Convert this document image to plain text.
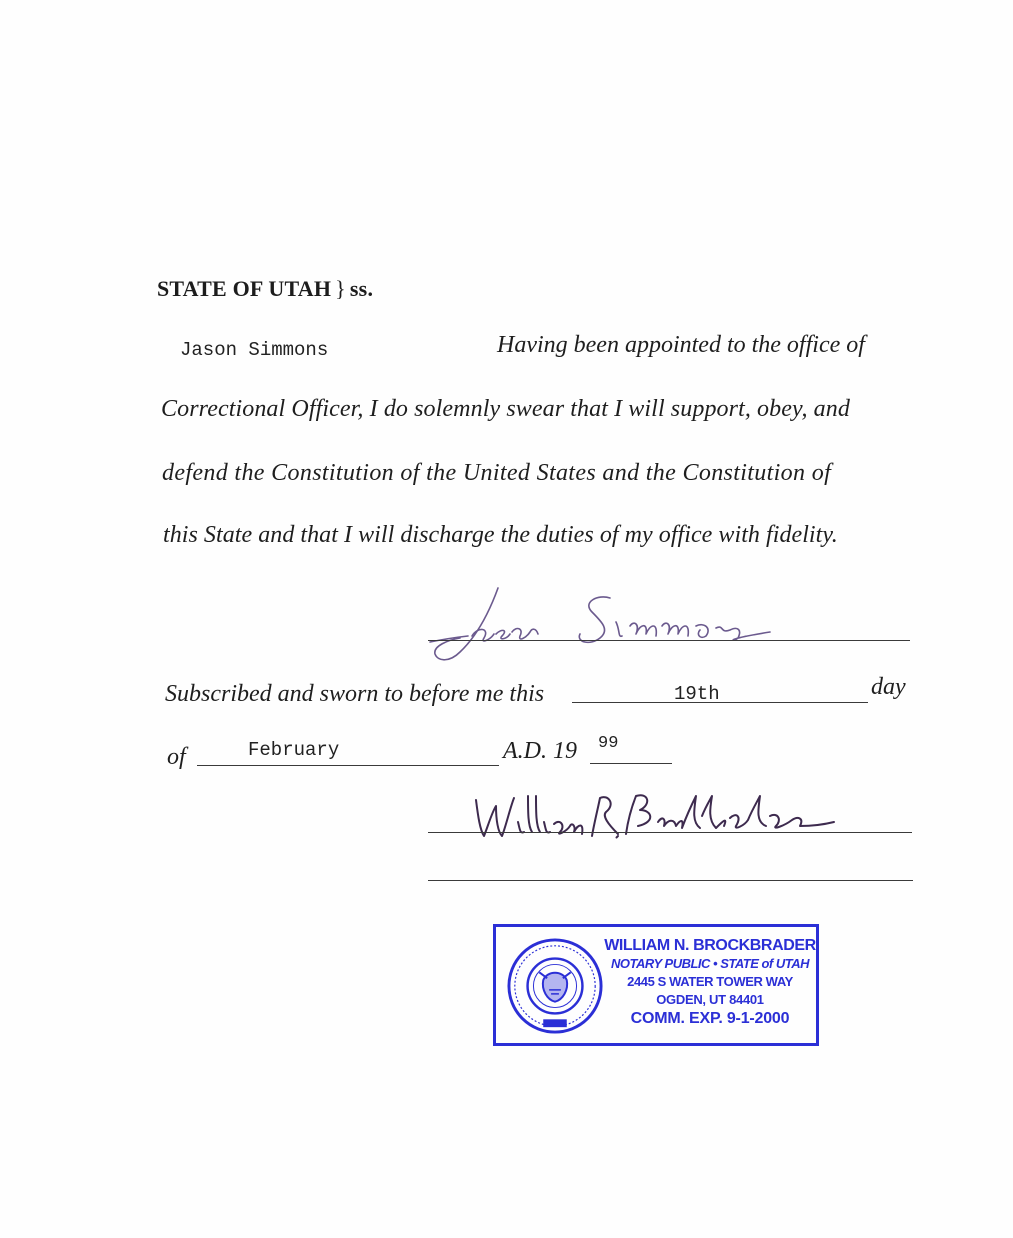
STATE OF UTAH } ss.
Jason Simmons	Having been appointed to the office of
Correctional Officer, I do solemnly swear that I will support, obey, and
defend the Constitution of the United States and the Constitution of
this State and that I will discharge the duties of my office with fidelity.
Subscribed and sworn to before me this	19th	day
of	February	A.D. 19 99
WILLIAM N. BROCKBRADER
NOTARY PUBLIC • STATE of UTAH
2445 S WATER TOWER WAY
OGDEN, UT 84401
COMM. EXP. 9-1-2000
